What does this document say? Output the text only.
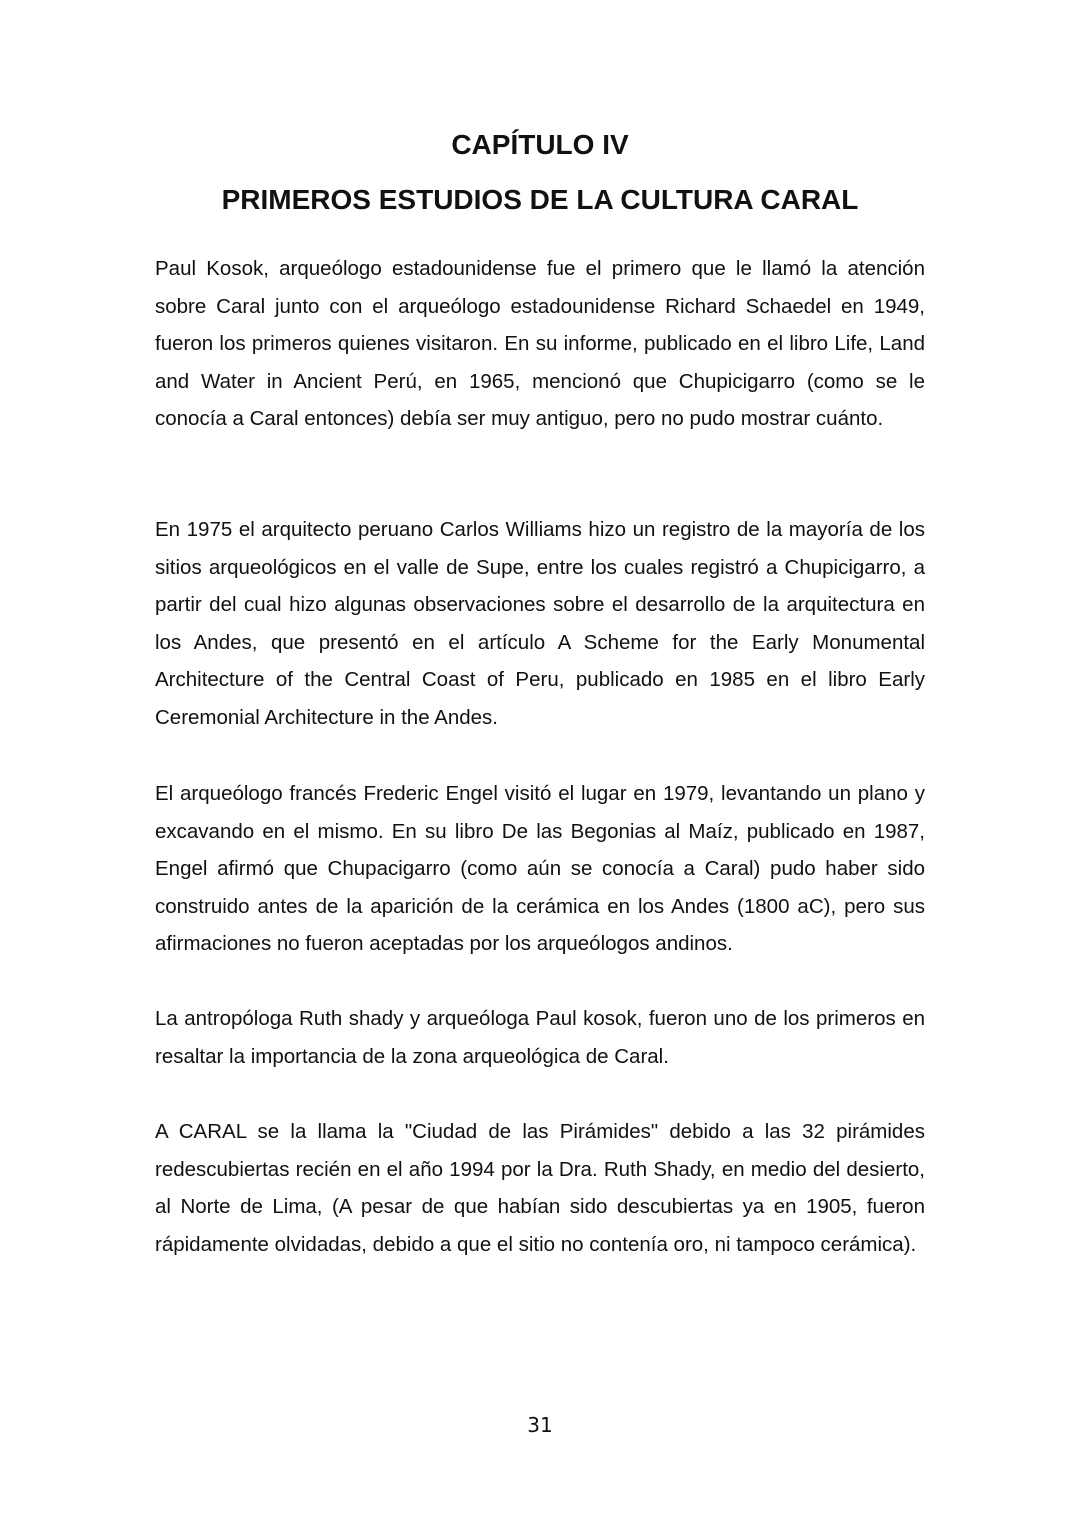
CAPÍTULO IV
PRIMEROS ESTUDIOS DE LA CULTURA CARAL

Paul Kosok, arqueólogo estadounidense fue el primero que le llamó la atención sobre Caral junto con el arqueólogo estadounidense Richard Schaedel en 1949, fueron los primeros quienes visitaron. En su informe, publicado en el libro Life, Land and Water in Ancient Perú, en 1965, mencionó que Chupicigarro (como se le conocía a Caral entonces) debía ser muy antiguo, pero no pudo mostrar cuánto.

En 1975 el arquitecto peruano Carlos Williams hizo un registro de la mayoría de los sitios arqueológicos en el valle de Supe, entre los cuales registró a Chupicigarro, a partir del cual hizo algunas observaciones sobre el desarrollo de la arquitectura en los Andes, que presentó en el artículo A Scheme for the Early Monumental Architecture of the Central Coast of Peru, publicado en 1985 en el libro Early Ceremonial Architecture in the Andes.

El arqueólogo francés Frederic Engel visitó el lugar en 1979, levantando un plano y excavando en el mismo. En su libro De las Begonias al Maíz, publicado en 1987, Engel afirmó que Chupacigarro (como aún se conocía a Caral) pudo haber sido construido antes de la aparición de la cerámica en los Andes (1800 aC), pero sus afirmaciones no fueron aceptadas por los arqueólogos andinos.

La antropóloga Ruth shady y arqueóloga Paul kosok, fueron uno de los primeros en resaltar la importancia de la zona arqueológica de Caral.

A CARAL se la llama la "Ciudad de las Pirámides" debido a las 32 pirámides redescubiertas recién en el año 1994 por la Dra. Ruth Shady, en medio del desierto, al Norte de Lima, (A pesar de que habían sido descubiertas ya en 1905, fueron rápidamente olvidadas, debido a que el sitio no contenía oro, ni tampoco cerámica).

31
